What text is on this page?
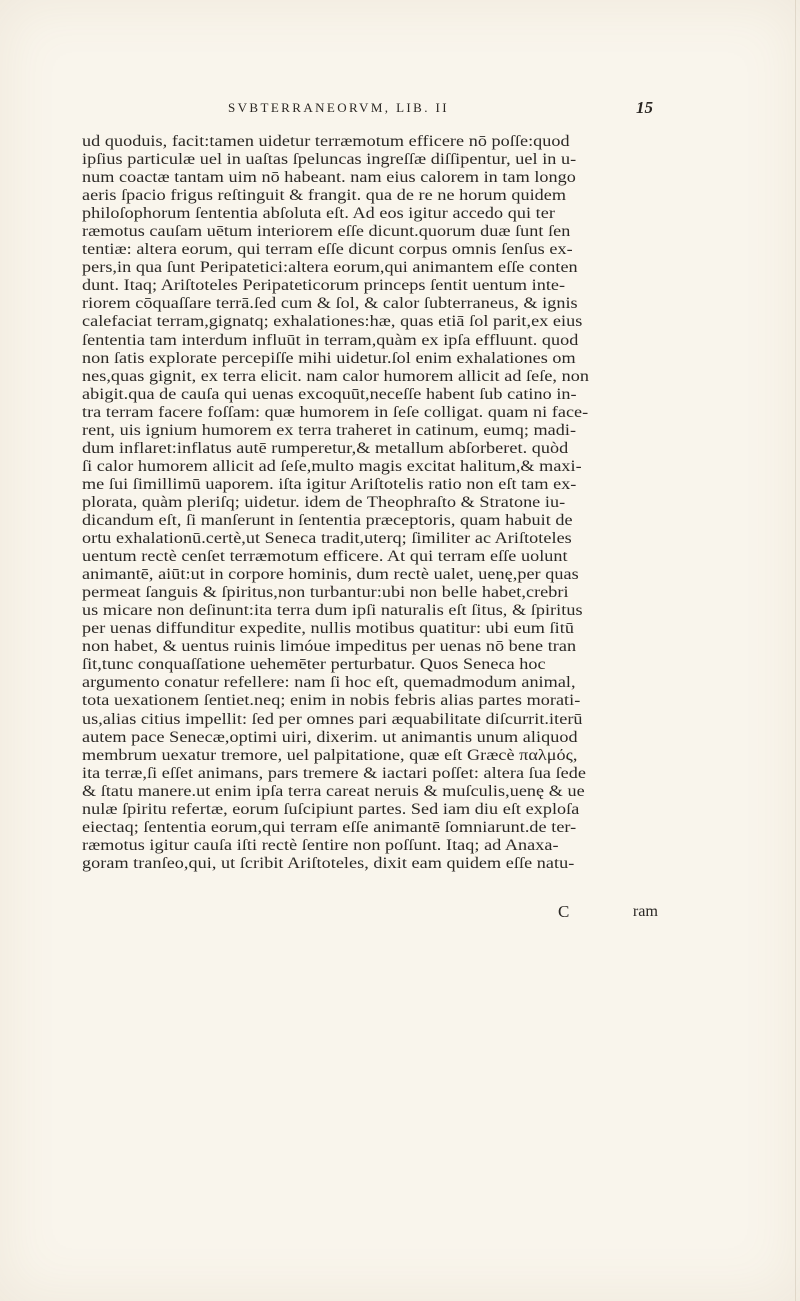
SVBTERRANEORVM, LIB. II	15
ud quoduis, facit:tamen uidetur terræmotum efficere nō poſſe:quod
ipſius particulæ uel in uaſtas ſpeluncas ingreſſæ diſſipentur, uel in u-
num coactæ tantam uim nō habeant. nam eius calorem in tam longo
aeris ſpacio frigus reſtinguit & frangit. qua de re ne horum quidem
philoſophorum ſententia abſoluta eſt. Ad eos igitur accedo qui ter
ræmotus cauſam uētum interiorem eſſe dicunt.quorum duæ ſunt ſen
tentiæ: altera eorum, qui terram eſſe dicunt corpus omnis ſenſus ex-
pers,in qua ſunt Peripatetici:altera eorum,qui animantem eſſe conten
dunt. Itaq; Ariſtoteles Peripateticorum princeps ſentit uentum inte-
riorem cōquaſſare terrā.ſed cum & ſol, & calor ſubterraneus, & ignis
calefaciat terram,gignatq; exhalationes:hæ, quas etiā ſol parit,ex eius
ſententia tam interdum influūt in terram,quàm ex ipſa effluunt. quod
non ſatis explorate percepiſſe mihi uidetur.ſol enim exhalationes om
nes,quas gignit, ex terra elicit. nam calor humorem allicit ad ſeſe, non
abigit.qua de cauſa qui uenas excoquūt,neceſſe habent ſub catino in-
tra terram facere foſſam: quæ humorem in ſeſe colligat. quam ni face-
rent, uis ignium humorem ex terra traheret in catinum, eumq; madi-
dum inflaret:inflatus autē rumperetur,& metallum abſorberet. quòd
ſi calor humorem allicit ad ſeſe,multo magis excitat halitum,& maxi-
me ſui ſimillimū uaporem. iſta igitur Ariſtotelis ratio non eſt tam ex-
plorata, quàm pleriſq; uidetur. idem de Theophraſto & Stratone iu-
dicandum eſt, ſi manſerunt in ſententia præceptoris, quam habuit de
ortu exhalationū.certè,ut Seneca tradit,uterq; ſimiliter ac Ariſtoteles
uentum rectè cenſet terræmotum efficere. At qui terram eſſe uolunt
animantē, aiūt:ut in corpore hominis, dum rectè ualet, uenę,per quas
permeat ſanguis & ſpiritus,non turbantur:ubi non belle habet,crebri
us micare non deſinunt:ita terra dum ipſi naturalis eſt ſitus, & ſpiritus
per uenas diffunditur expedite, nullis motibus quatitur: ubi eum ſitū
non habet, & uentus ruinis limóue impeditus per uenas nō bene tran
ſit,tunc conquaſſatione uehemēter perturbatur. Quos Seneca hoc
argumento conatur refellere: nam ſi hoc eſt, quemadmodum animal,
tota uexationem ſentiet.neq; enim in nobis febris alias partes morati-
us,alias citius impellit: ſed per omnes pari æquabilitate diſcurrit.iterū
autem pace Senecæ,optimi uiri, dixerim. ut animantis unum aliquod
membrum uexatur tremore, uel palpitatione, quæ eſt Græcè παλμός,
ita terræ,ſi eſſet animans, pars tremere & iactari poſſet: altera ſua ſede
& ſtatu manere.ut enim ipſa terra careat neruis & muſculis,uenę & ue
nulæ ſpiritu refertæ, eorum ſuſcipiunt partes. Sed iam diu eſt exploſa
eiectaq; ſententia eorum,qui terram eſſe animantē ſomniarunt.de ter-
ræmotus igitur cauſa iſti rectè ſentire non poſſunt. Itaq; ad Anaxa-
goram tranſeo,qui, ut ſcribit Ariſtoteles, dixit eam quidem eſſe natu-
C	ram
